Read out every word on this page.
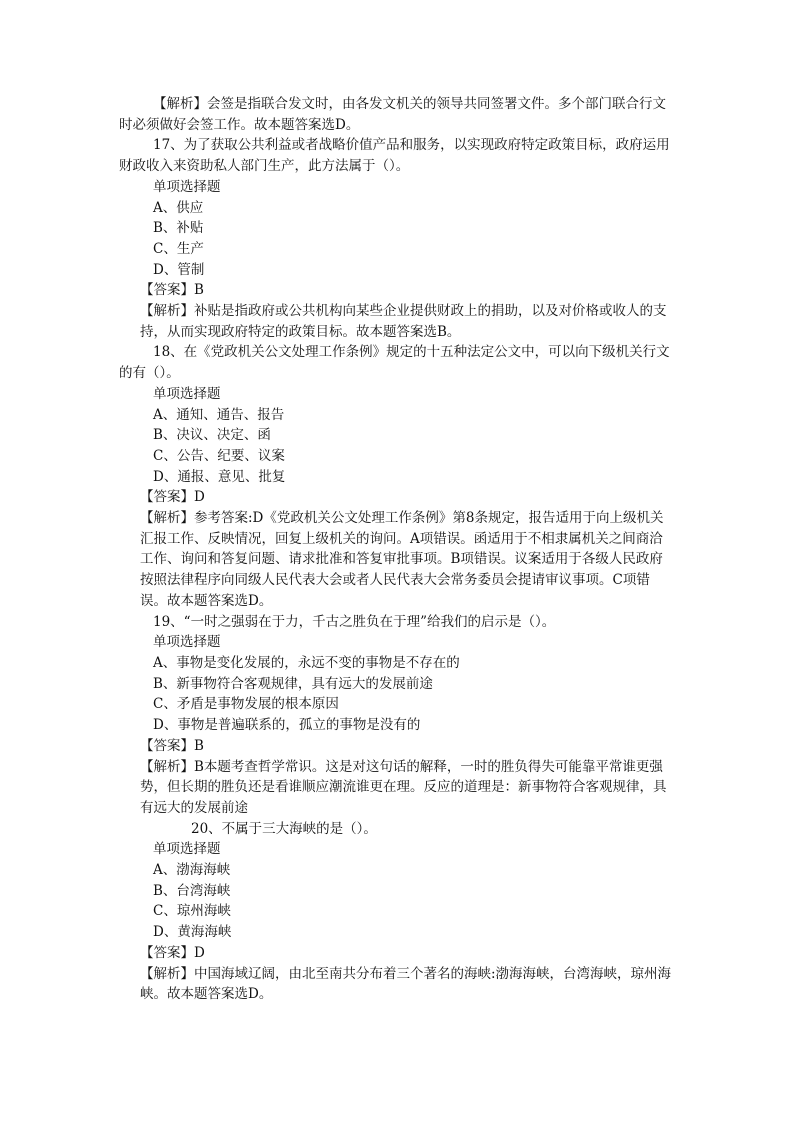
【解析】会签是指联合发文时，由各发文机关的领导共同签署文件。多个部门联合行文时必须做好会签工作。故本题答案选D。

17、为了获取公共利益或者战略价值产品和服务，以实现政府特定政策目标，政府运用财政收入来资助私人部门生产，此方法属于（）。

单项选择题

A、供应

B、补贴

C、生产

D、管制

【答案】B

【解析】补贴是指政府或公共机构向某些企业提供财政上的捐助，以及对价格或收人的支持，从而实现政府特定的政策目标。故本题答案选B。

18、在《党政机关公文处理工作条例》规定的十五种法定公文中，可以向下级机关行文的有（）。

单项选择题

A、通知、通告、报告

B、决议、决定、函

C、公告、纪要、议案

D、通报、意见、批复

【答案】D

【解析】参考答案:D《党政机关公文处理工作条例》第8条规定，报告适用于向上级机关汇报工作、反映情况，回复上级机关的询问。A项错误。函适用于不相隶属机关之间商洽工作、询问和答复问题、请求批准和答复审批事项。B项错误。议案适用于各级人民政府按照法律程序向同级人民代表大会或者人民代表大会常务委员会提请审议事项。C项错误。故本题答案选D。

19、“一时之强弱在于力，千古之胜负在于理”给我们的启示是（）。

单项选择题

A、事物是变化发展的，永远不变的事物是不存在的

B、新事物符合客观规律，具有远大的发展前途

C、矛盾是事物发展的根本原因

D、事物是普遍联系的，孤立的事物是没有的

【答案】B

【解析】B本题考查哲学常识。这是对这句话的解释，一时的胜负得失可能靠平常谁更强势，但长期的胜负还是看谁顺应潮流谁更在理。反应的道理是：新事物符合客观规律，具有远大的发展前途

20、不属于三大海峡的是（）。

单项选择题

A、渤海海峡

B、台湾海峡

C、琼州海峡

D、黄海海峡

【答案】D

【解析】中国海域辽阔，由北至南共分布着三个著名的海峡:渤海海峡，台湾海峡，琼州海峡。故本题答案选D。
